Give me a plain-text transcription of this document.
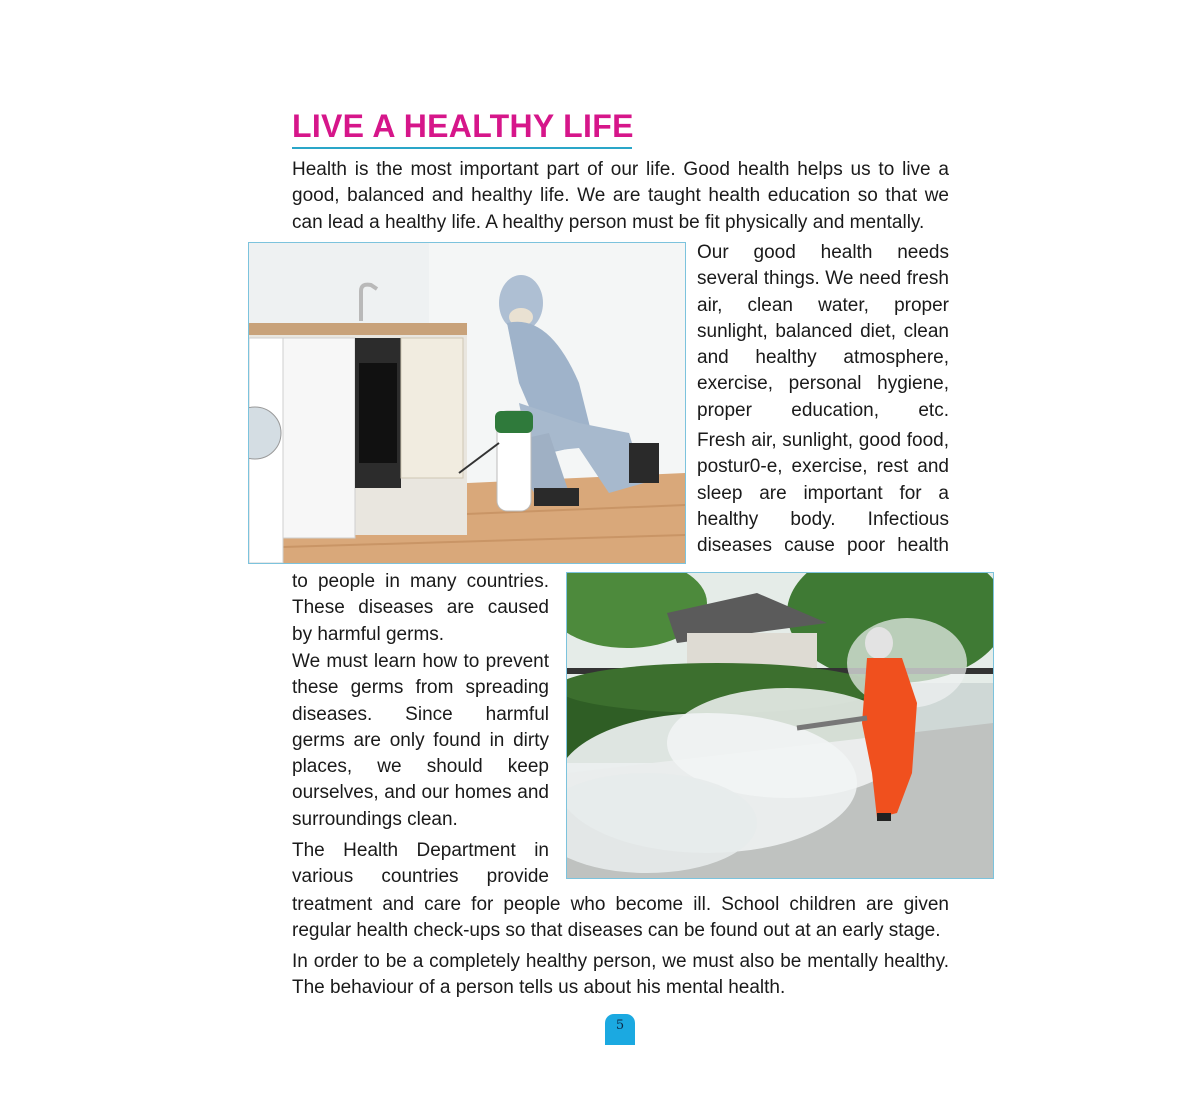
LIVE A HEALTHY LIFE

Health is the most important part of our life. Good health helps us to live a good, balanced and healthy life. We are taught health education so that we can lead a healthy life. A healthy person must be fit physically and mentally.

Our good health needs several things. We need fresh air, clean water, proper sunlight, balanced diet, clean and healthy atmosphere, exercise, personal hygiene, proper education, etc.

Fresh air, sunlight, good food, postur0-e, exercise, rest and sleep are important for a healthy body. Infectious diseases cause poor health

to people in many countries. These diseases are caused by harmful germs.

We must learn how to prevent these germs from spreading diseases. Since harmful germs are only found in dirty places, we should keep ourselves, and our homes and surroundings clean.

The Health Department in various countries provide

treatment and care for people who become ill. School children are given regular health check-ups so that diseases can be found out at an early stage.

In order to be a completely healthy person, we must also be mentally healthy. The behaviour of a person tells us about his mental health.

5
